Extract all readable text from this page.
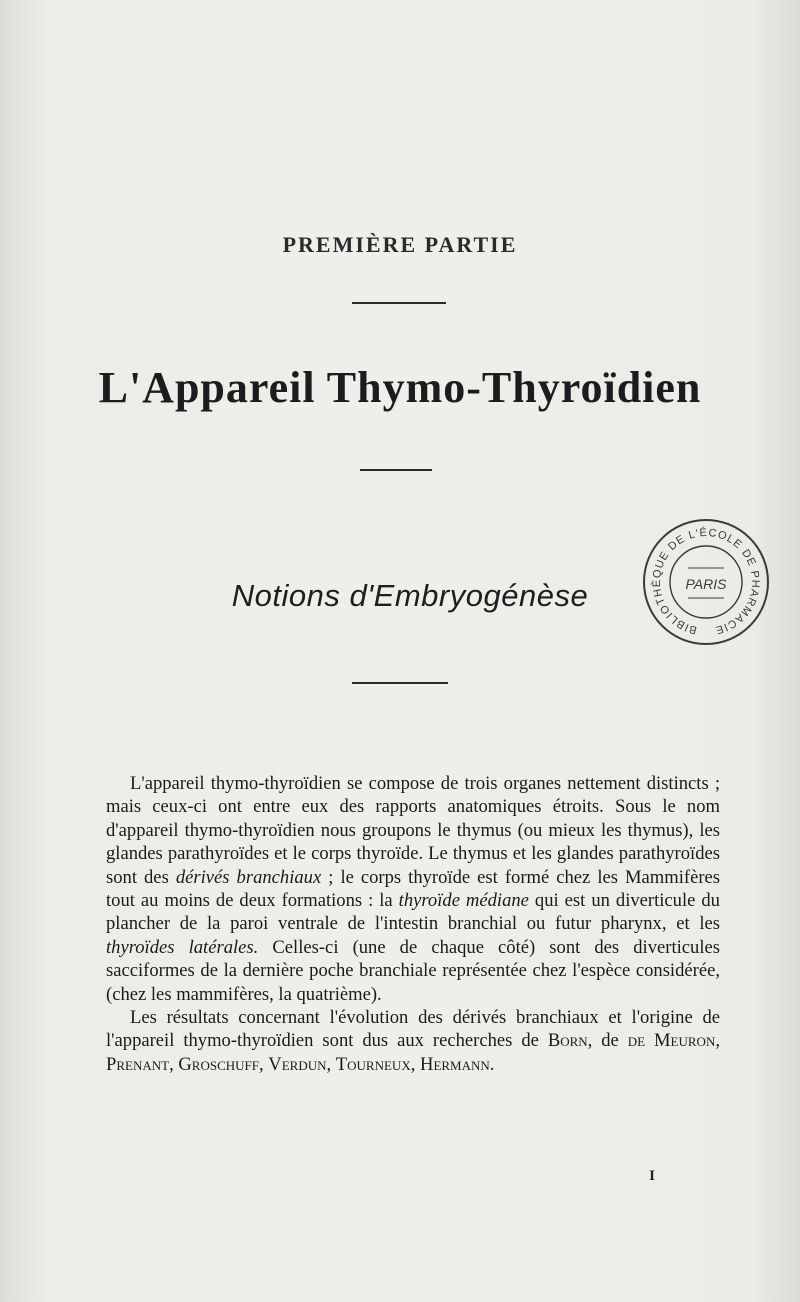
PREMIÈRE PARTIE
L'Appareil Thymo-Thyroïdien
Notions d'Embryogénèse
BIBLIOTHÈQUE DE L'ÉCOLE DE PHARMACIE
PARIS

L'appareil thymo-thyroïdien se compose de trois organes nettement distincts ; mais ceux-ci ont entre eux des rapports anatomiques étroits. Sous le nom d'appareil thymo-thyroïdien nous groupons le thymus (ou mieux les thymus), les glandes parathyroïdes et le corps thyroïde. Le thymus et les glandes parathyroïdes sont des dérivés branchiaux ; le corps thyroïde est formé chez les Mammifères tout au moins de deux formations : la thyroïde médiane qui est un diverticule du plancher de la paroi ventrale de l'intestin branchial ou futur pharynx, et les thyroïdes latérales. Celles-ci (une de chaque côté) sont des diverticules sacciformes de la dernière poche branchiale représentée chez l'espèce considérée, (chez les mammifères, la quatrième).

Les résultats concernant l'évolution des dérivés branchiaux et l'origine de l'appareil thymo-thyroïdien sont dus aux recherches de Born, de de Meuron, Prenant, Groschuff, Verdun, Tourneux, Hermann.

I
